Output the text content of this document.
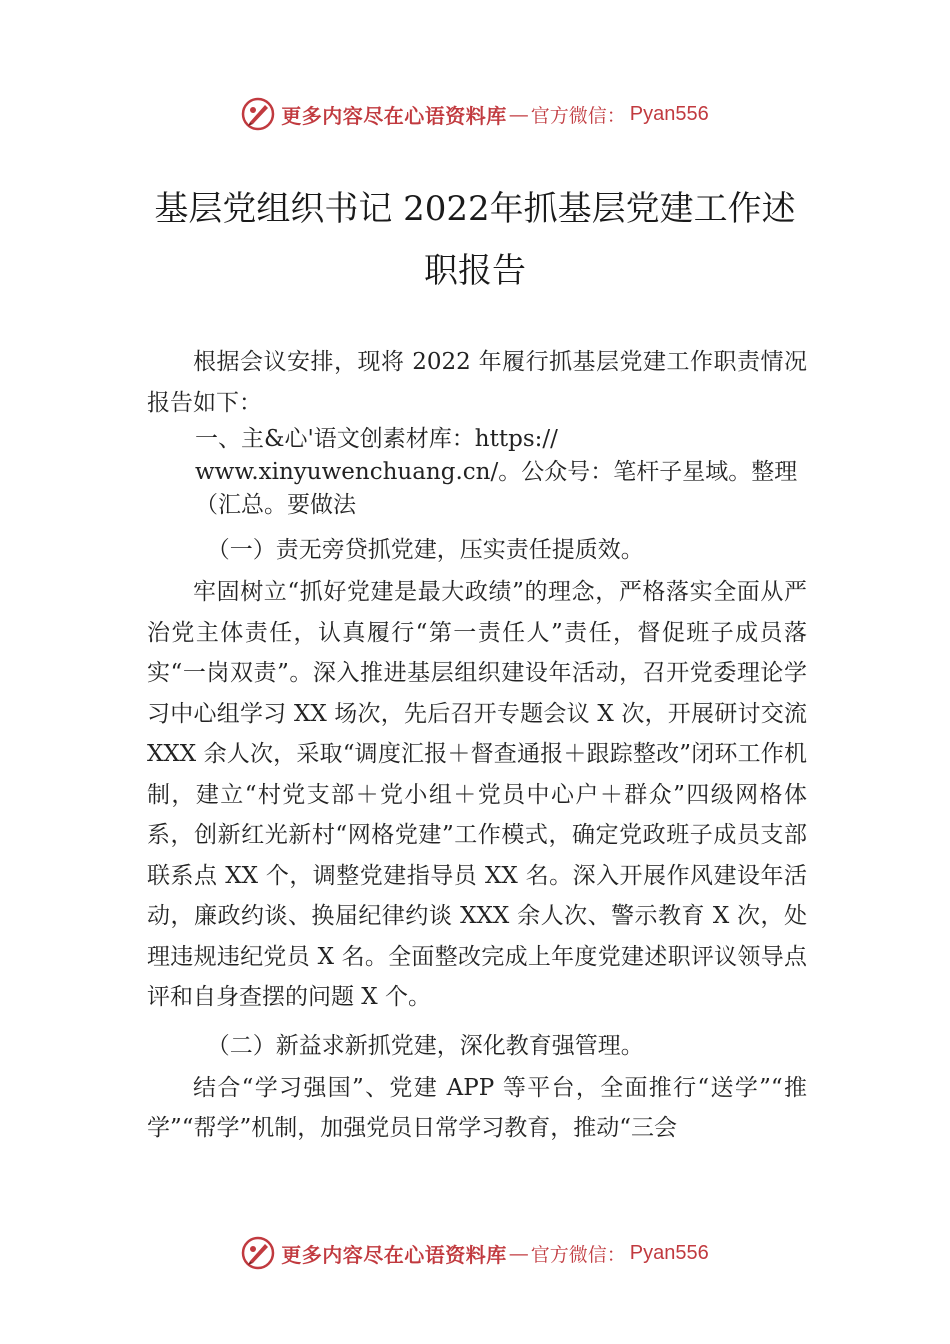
更多内容尽在心语资料库 — 官方微信： Pyan556
基层党组织书记 2022年抓基层党建工作述
职报告

根据会议安排，现将 2022 年履行抓基层党建工作职责情况报告如下：

一、主&心'语文创素材库：https://

www.xinyuwenchuang.cn/。公众号：笔杆子星域。整理

（汇总。要做法

（一）责无旁贷抓党建，压实责任提质效。

牢固树立“抓好党建是最大政绩”的理念，严格落实全面从严治党主体责任，认真履行“第一责任人”责任，督促班子成员落实“一岗双责”。深入推进基层组织建设年活动，召开党委理论学习中心组学习 XX 场次，先后召开专题会议 X 次，开展研讨交流 XXX 余人次，采取“调度汇报＋督查通报＋跟踪整改”闭环工作机制，建立“村党支部＋党小组＋党员中心户＋群众”四级网格体系，创新红光新村“网格党建”工作模式，确定党政班子成员支部联系点 XX 个，调整党建指导员 XX 名。深入开展作风建设年活动，廉政约谈、换届纪律约谈 XXX 余人次、警示教育 X 次，处理违规违纪党员 X 名。全面整改完成上年度党建述职评议领导点评和自身查摆的问题 X 个。

（二）新益求新抓党建，深化教育强管理。

结合“学习强国”、党建 APP 等平台，全面推行“送学”“推学”“帮学”机制，加强党员日常学习教育，推动“三会

更多内容尽在心语资料库 — 官方微信： Pyan556
